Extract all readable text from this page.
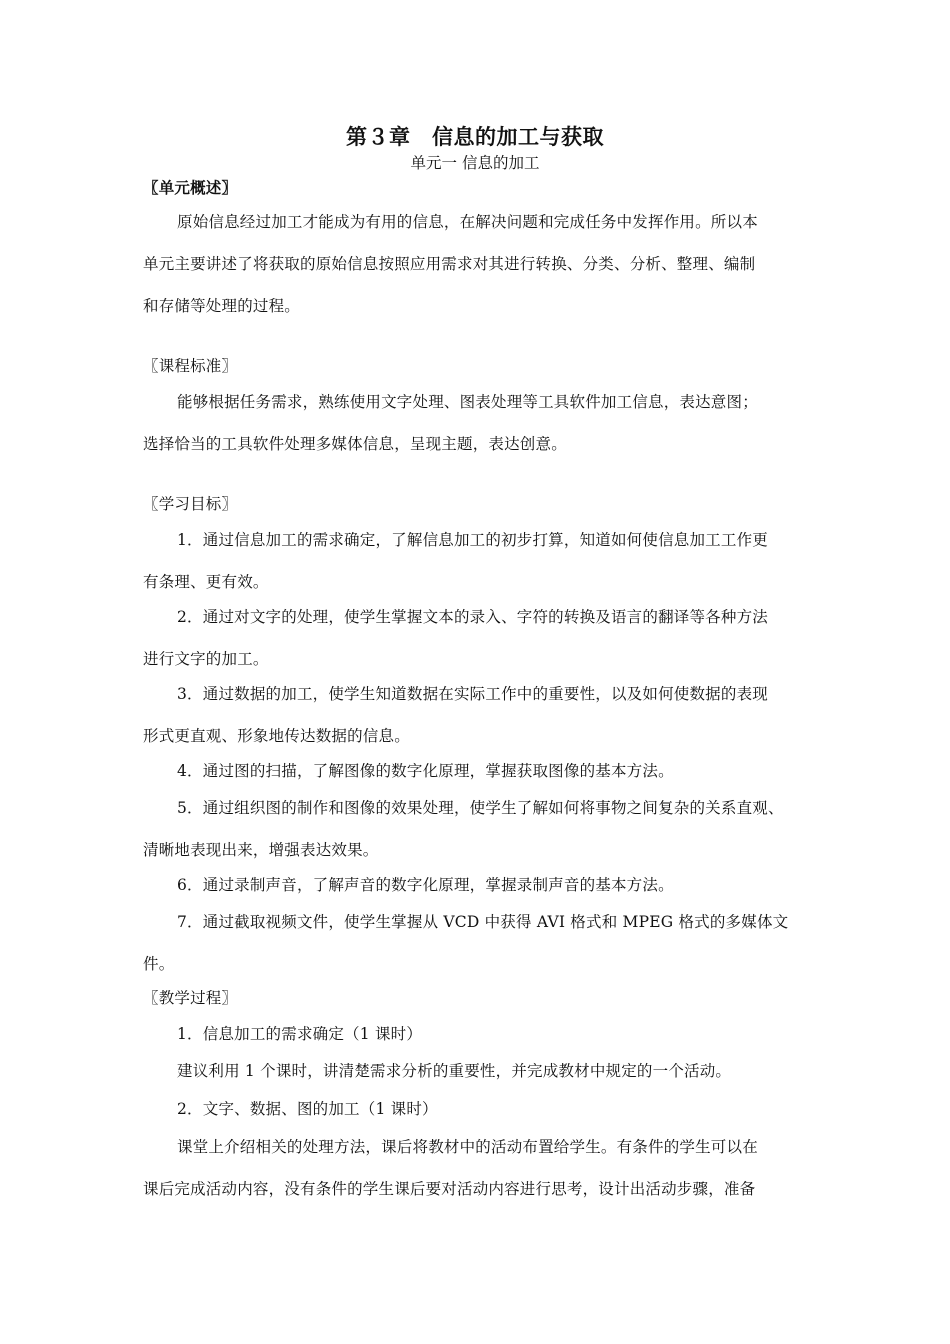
第３章　信息的加工与获取
单元一 信息的加工
〖单元概述〗
原始信息经过加工才能成为有用的信息，在解决问题和完成任务中发挥作用。所以本
单元主要讲述了将获取的原始信息按照应用需求对其进行转换、分类、分析、整理、编制
和存储等处理的过程。
〖课程标准〗
能够根据任务需求，熟练使用文字处理、图表处理等工具软件加工信息，表达意图；
选择恰当的工具软件处理多媒体信息，呈现主题，表达创意。
〖学习目标〗
1．通过信息加工的需求确定，了解信息加工的初步打算，知道如何使信息加工工作更
有条理、更有效。
2．通过对文字的处理，使学生掌握文本的录入、字符的转换及语言的翻译等各种方法
进行文字的加工。
3．通过数据的加工，使学生知道数据在实际工作中的重要性，以及如何使数据的表现
形式更直观、形象地传达数据的信息。
4．通过图的扫描，了解图像的数字化原理，掌握获取图像的基本方法。
5．通过组织图的制作和图像的效果处理，使学生了解如何将事物之间复杂的关系直观、
清晰地表现出来，增强表达效果。
6．通过录制声音，了解声音的数字化原理，掌握录制声音的基本方法。
7．通过截取视频文件，使学生掌握从 VCD 中获得 AVI 格式和 MPEG 格式的多媒体文
件。
〖教学过程〗
1．信息加工的需求确定（1 课时）
建议利用 1 个课时，讲清楚需求分析的重要性，并完成教材中规定的一个活动。
2．文字、数据、图的加工（1 课时）
课堂上介绍相关的处理方法，课后将教材中的活动布置给学生。有条件的学生可以在
课后完成活动内容，没有条件的学生课后要对活动内容进行思考，设计出活动步骤，准备
